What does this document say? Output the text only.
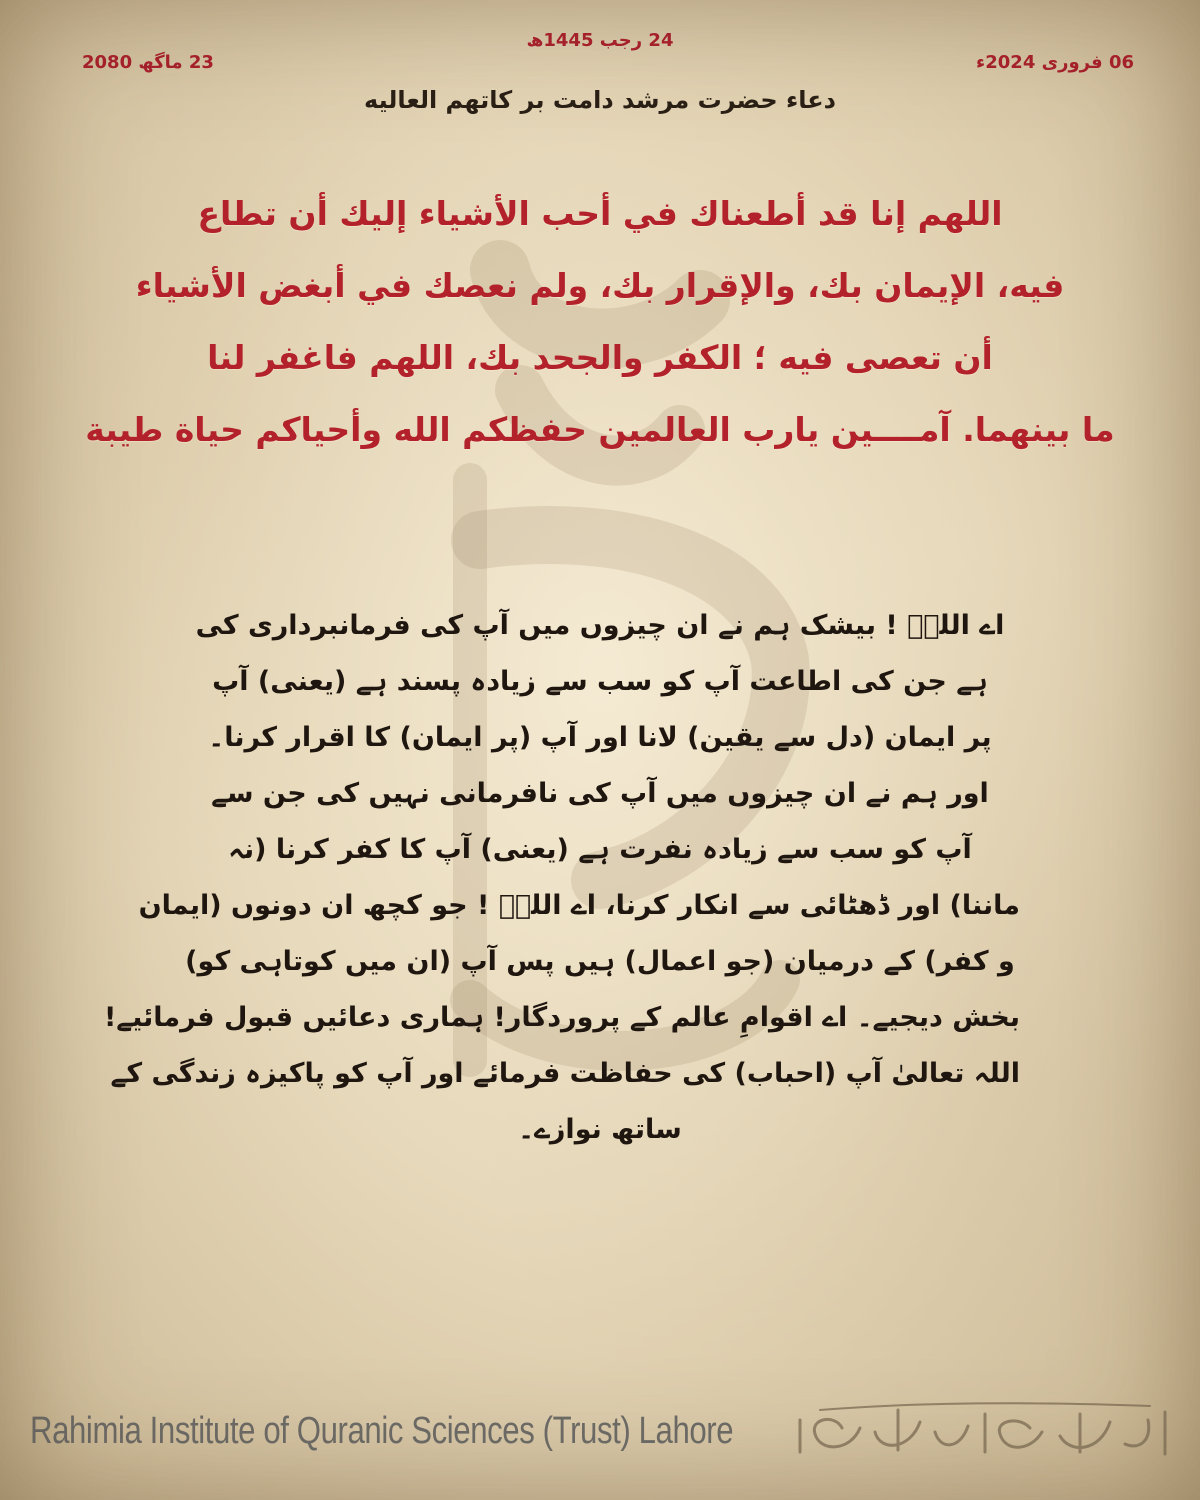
24 رجب 1445ھ
06 فروری 2024ء
23 ماگھ 2080
دعاء حضرت مرشد دامت بر کاتھم العالیه
اللهم إنا قد أطعناك في أحب الأشياء إليك أن تطاع
فيه، الإيمان بك، والإقرار بك، ولم نعصك في أبغض الأشياء
أن تعصى فيه ؛ الكفر والجحد بك، اللهم فاغفر لنا
ما بينهما. آمــــين يارب العالمين حفظكم الله وأحياكم حياة طيبة
اے اللہؐ ! بیشک ہم نے ان چیزوں میں آپ کی فرمانبرداری کی
ہے جن کی اطاعت آپ کو سب سے زیادہ پسند ہے (یعنی) آپ
پر ایمان (دل سے یقین) لانا اور آپ (پر ایمان) کا اقرار کرنا۔
اور ہم نے ان چیزوں میں آپ کی نافرمانی نہیں کی جن سے
آپ کو سب سے زیادہ نفرت ہے (یعنی) آپ کا کفر کرنا (نہ
ماننا) اور ڈھٹائی سے انکار کرنا، اے اللہؐ ! جو کچھ ان دونوں (ایمان
و کفر) کے درمیان (جو اعمال) ہیں پس آپ (ان میں کوتاہی کو)
بخش دیجیے۔ اے اقوامِ عالم کے پروردگار! ہماری دعائیں قبول فرمائیے!
اللہ تعالیٰ آپ (احباب) کی حفاظت فرمائے اور آپ کو پاکیزہ زندگی کے
ساتھ نوازے۔
Rahimia Institute of Quranic Sciences (Trust) Lahore
